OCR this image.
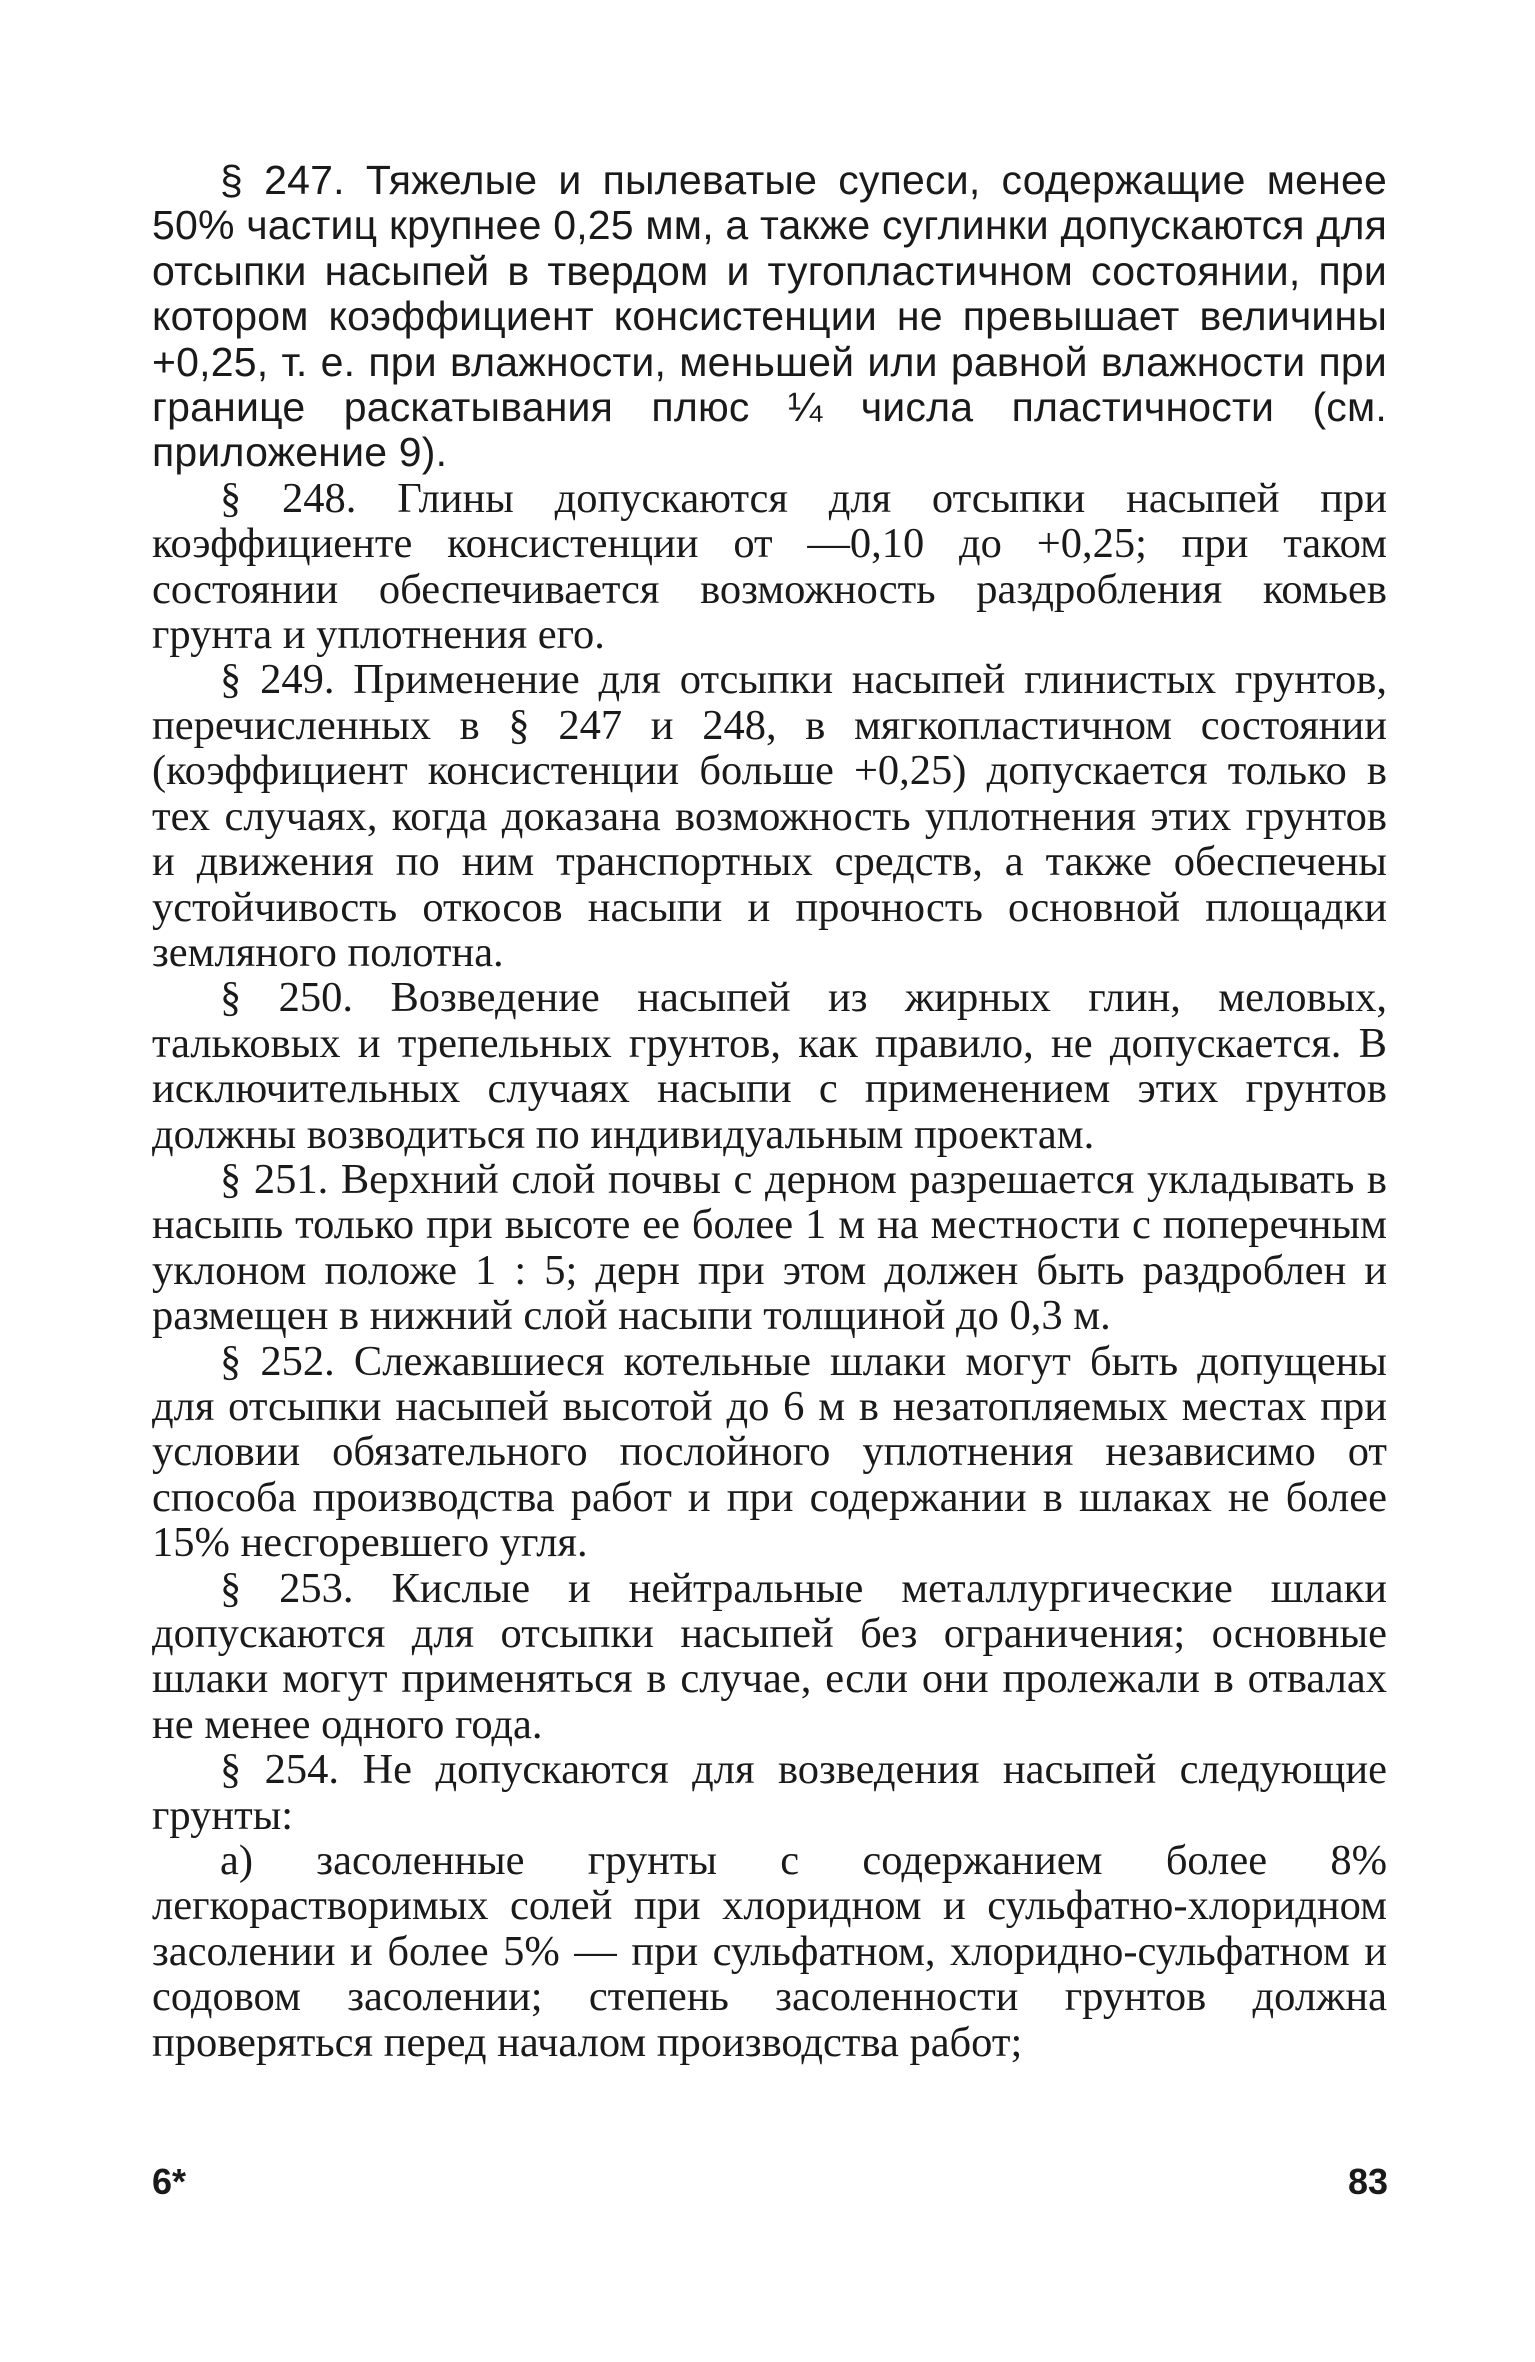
§ 247. Тяжелые и пылеватые супеси, содержащие менее 50% частиц крупнее 0,25 мм, а также суглинки допускаются для отсыпки насыпей в твердом и тугопластичном состоянии, при котором коэффициент консистенции не превышает величины +0,25, т. е. при влажности, меньшей или равной влажности при границе раскатывания плюс ¼ числа пластичности (см. приложение 9).

§ 248. Глины допускаются для отсыпки насыпей при коэффициенте консистенции от —0,10 до +0,25; при таком состоянии обеспечивается возможность раздробления комьев грунта и уплотнения его.

§ 249. Применение для отсыпки насыпей глинистых грунтов, перечисленных в § 247 и 248, в мягкопластичном состоянии (коэффициент консистенции больше +0,25) допускается только в тех случаях, когда доказана возможность уплотнения этих грунтов и движения по ним транспортных средств, а также обеспечены устойчивость откосов насыпи и прочность основной площадки земляного полотна.

§ 250. Возведение насыпей из жирных глин, меловых, тальковых и трепельных грунтов, как правило, не допускается. В исключительных случаях насыпи с применением этих грунтов должны возводиться по индивидуальным проектам.

§ 251. Верхний слой почвы с дерном разрешается укладывать в насыпь только при высоте ее более 1 м на местности с поперечным уклоном положе 1 : 5; дерн при этом должен быть раздроблен и размещен в нижний слой насыпи толщиной до 0,3 м.

§ 252. Слежавшиеся котельные шлаки могут быть допущены для отсыпки насыпей высотой до 6 м в незатопляемых местах при условии обязательного послойного уплотнения независимо от способа производства работ и при содержании в шлаках не более 15% несгоревшего угля.

§ 253. Кислые и нейтральные металлургические шлаки допускаются для отсыпки насыпей без ограничения; основные шлаки могут применяться в случае, если они пролежали в отвалах не менее одного года.

§ 254. Не допускаются для возведения насыпей следующие грунты:

а) засоленные грунты с содержанием более 8% легкорастворимых солей при хлоридном и сульфатно-хлоридном засолении и более 5% — при сульфатном, хлоридно-сульфатном и содовом засолении; степень засоленности грунтов должна проверяться перед началом производства работ;

6*	83
